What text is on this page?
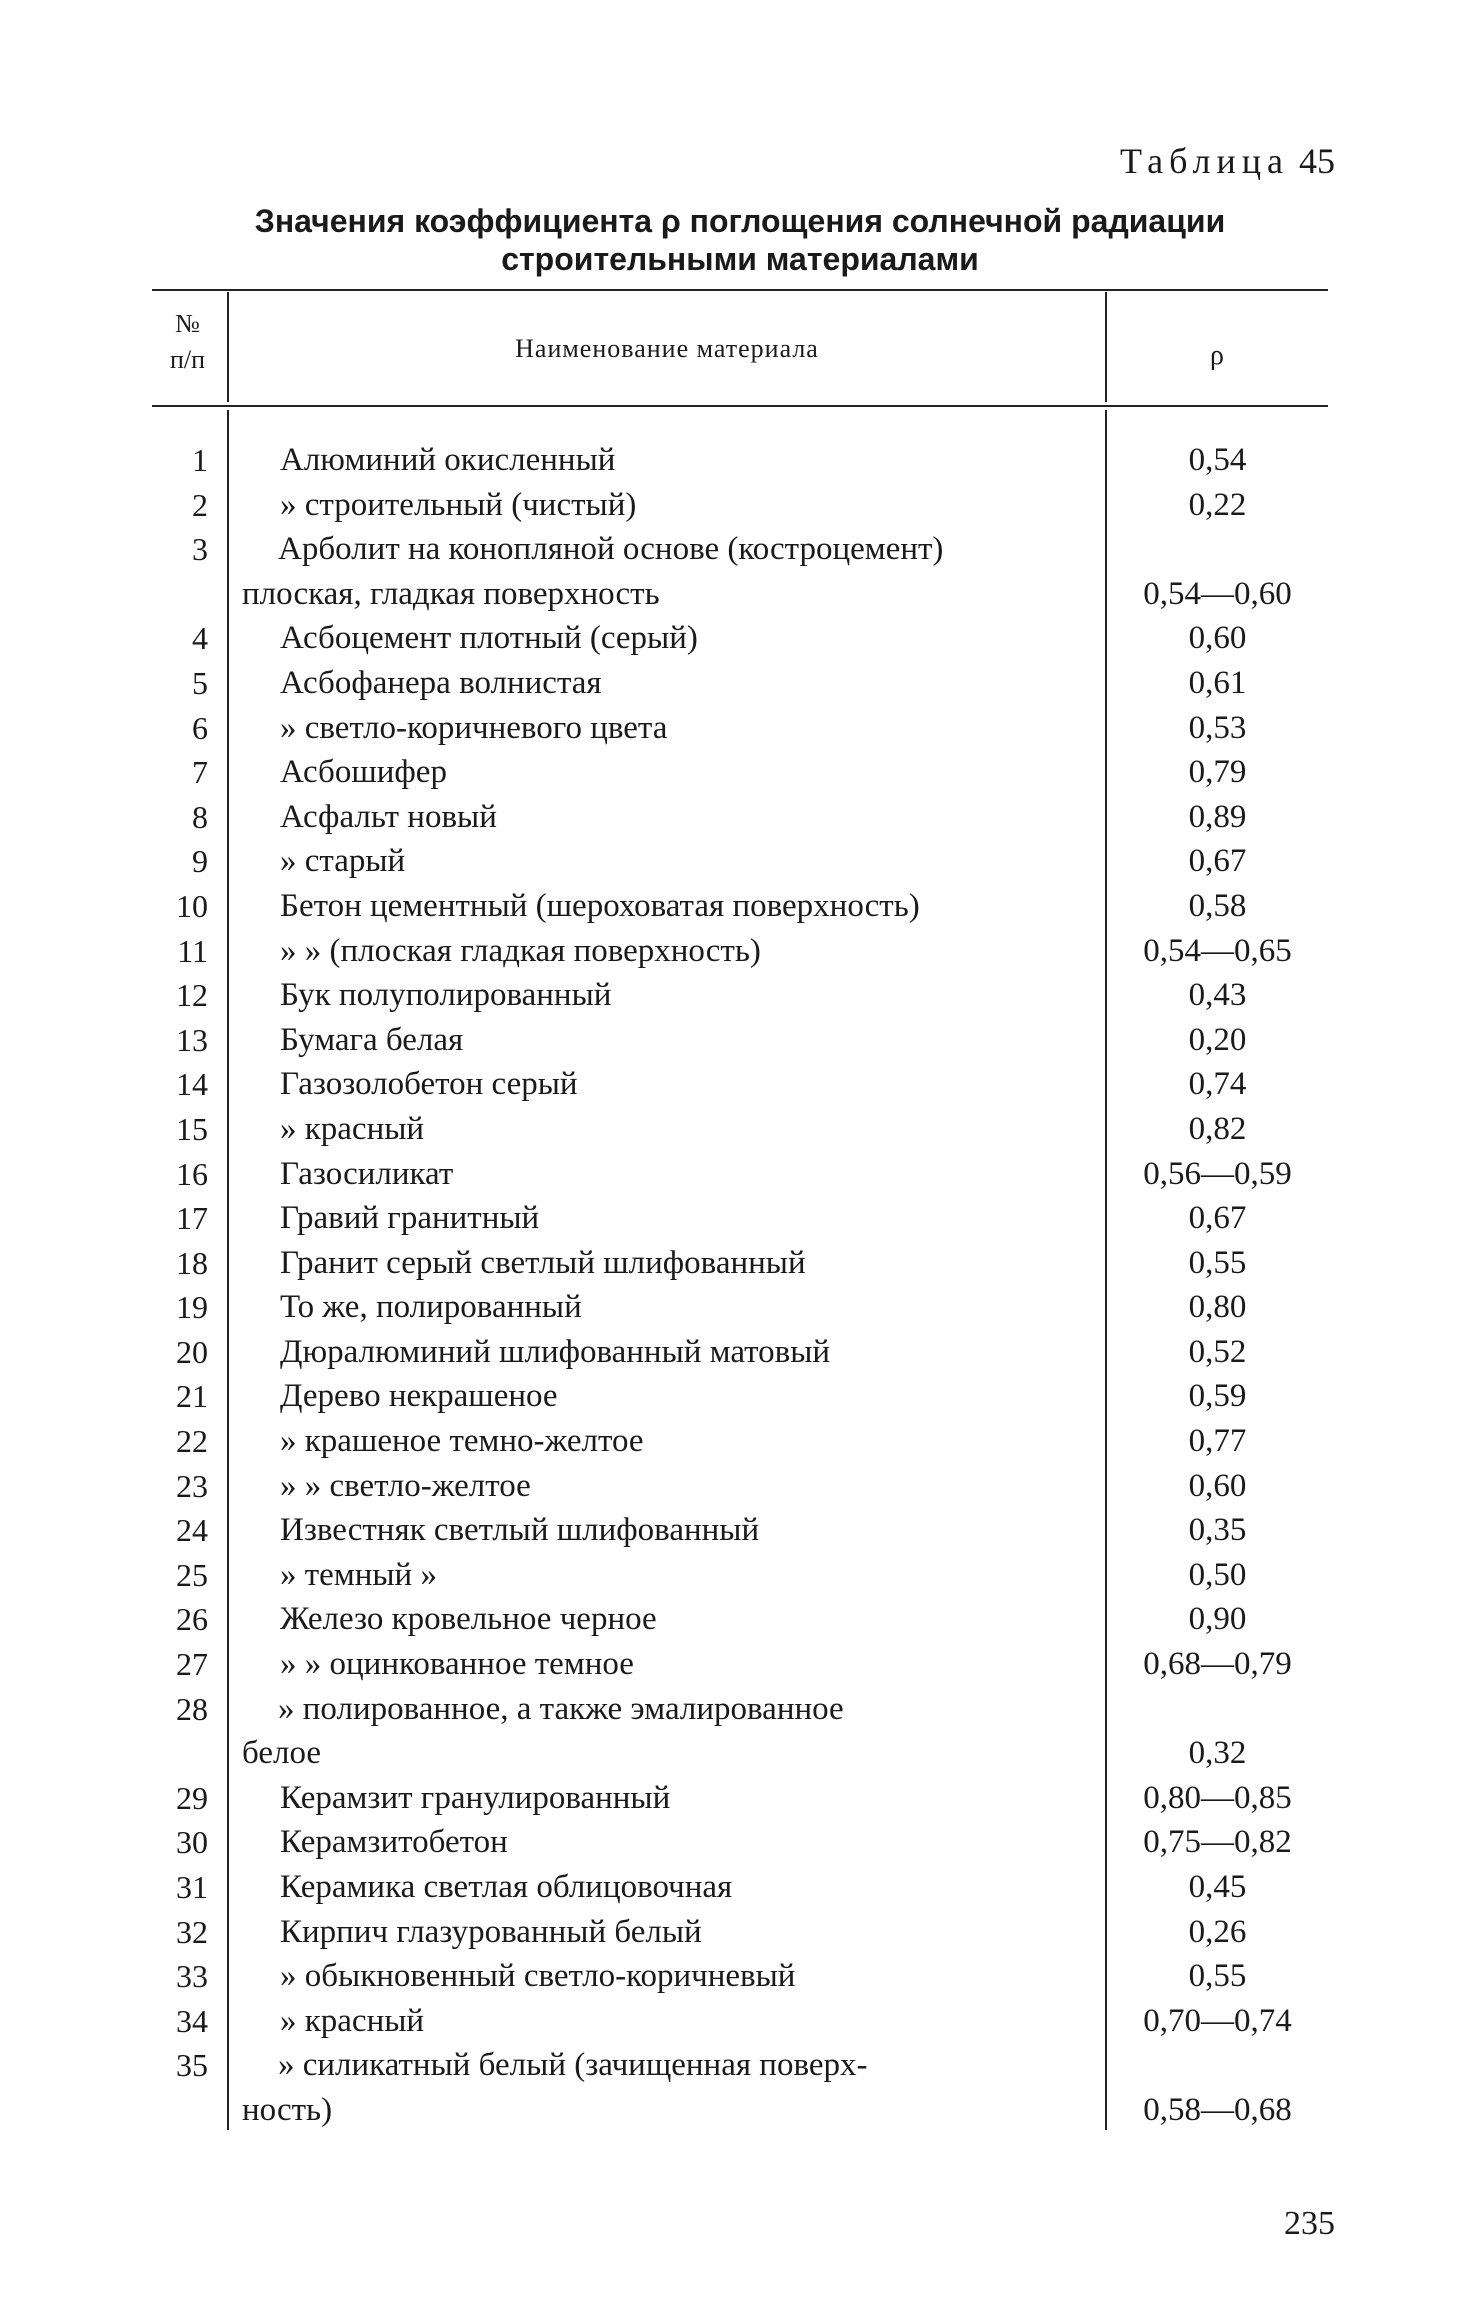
Таблица 45
Значения коэффициента ρ поглощения солнечной радиации
строительными материалами
№
п/п	Наименование материала	ρ
1	Алюминий окисленный	0,54
2	» строительный (чистый)	0,22
3	Арболит на конопляной основе (костроцемент)
плоская, гладкая поверхность	0,54—0,60
4	Асбоцемент плотный (серый)	0,60
5	Асбофанера волнистая	0,61
6	» светло-коричневого цвета	0,53
7	Асбошифер	0,79
8	Асфальт новый	0,89
9	» старый	0,67
10	Бетон цементный (шероховатая поверхность)	0,58
11	» » (плоская гладкая поверхность)	0,54—0,65
12	Бук полуполированный	0,43
13	Бумага белая	0,20
14	Газозолобетон серый	0,74
15	» красный	0,82
16	Газосиликат	0,56—0,59
17	Гравий гранитный	0,67
18	Гранит серый светлый шлифованный	0,55
19	То же, полированный	0,80
20	Дюралюминий шлифованный матовый	0,52
21	Дерево некрашеное	0,59
22	» крашеное темно-желтое	0,77
23	» » светло-желтое	0,60
24	Известняк светлый шлифованный	0,35
25	» темный »	0,50
26	Железо кровельное черное	0,90
27	» » оцинкованное темное	0,68—0,79
28	» полированное, а также эмалированное
белое	0,32
29	Керамзит гранулированный	0,80—0,85
30	Керамзитобетон	0,75—0,82
31	Керамика светлая облицовочная	0,45
32	Кирпич глазурованный белый	0,26
33	» обыкновенный светло-коричневый	0,55
34	» красный	0,70—0,74
35	» силикатный белый (зачищенная поверх-
ность)	0,58—0,68
235
